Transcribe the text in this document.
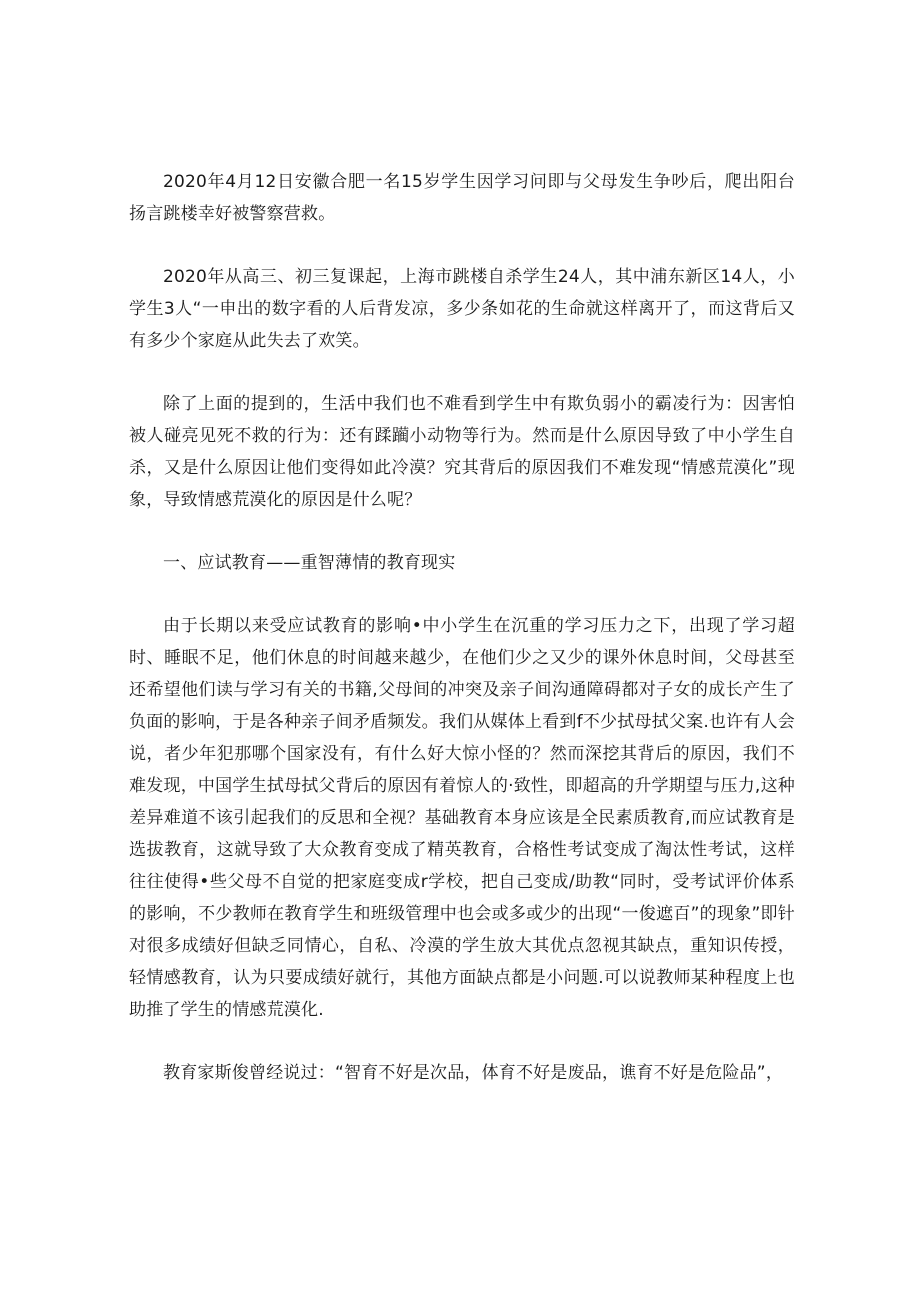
2020年4月12日安徽合肥一名15岁学生因学习问即与父母发生争吵后，爬出阳台扬言跳楼幸好被警察营救。

2020年从高三、初三复课起，上海市跳楼自杀学生24人，其中浦东新区14人，小学生3人“一申出的数字看的人后背发凉，多少条如花的生命就这样离开了，而这背后又有多少个家庭从此失去了欢笑。

除了上面的提到的，生活中我们也不难看到学生中有欺负弱小的霸凌行为：因害怕被人碰亮见死不救的行为：还有蹂躏小动物等行为。然而是什么原因导致了中小学生自杀，又是什么原因让他们变得如此冷漠？究其背后的原因我们不难发现“情感荒漠化”现象，导致情感荒漠化的原因是什么呢？

一、应试教育——重智薄情的教育现实

由于长期以来受应试教育的影响•中小学生在沉重的学习压力之下，出现了学习超时、睡眠不足，他们休息的时间越来越少，在他们少之又少的课外休息时间，父母甚至还希望他们读与学习有关的书籍,父母间的冲突及亲子间沟通障碍都对子女的成长产生了负面的影响，于是各种亲子间矛盾频发。我们从媒体上看到f不少拭母拭父案.也许有人会说，者少年犯那哪个国家没有，有什么好大惊小怪的？然而深挖其背后的原因，我们不难发现，中国学生拭母拭父背后的原因有着惊人的·致性，即超高的升学期望与压力,这种差异难道不该引起我们的反思和全视？基础教育本身应该是全民素质教育,而应试教育是选拔教育，这就导致了大众教育变成了精英教育，合格性考试变成了淘汰性考试，这样往往使得•些父母不自觉的把家庭变成r学校，把自己变成/助教“同时，受考试评价体系的影响，不少教师在教育学生和班级管理中也会或多或少的出现“一俊遮百”的现象”即针对很多成绩好但缺乏同情心，自私、冷漠的学生放大其优点忽视其缺点，重知识传授，轻情感教育，认为只要成绩好就行，其他方面缺点都是小问题.可以说教师某种程度上也助推了学生的情感荒漠化.

教育家斯俊曾经说过：“智育不好是次品，体育不好是废品，谯育不好是危险品”，
